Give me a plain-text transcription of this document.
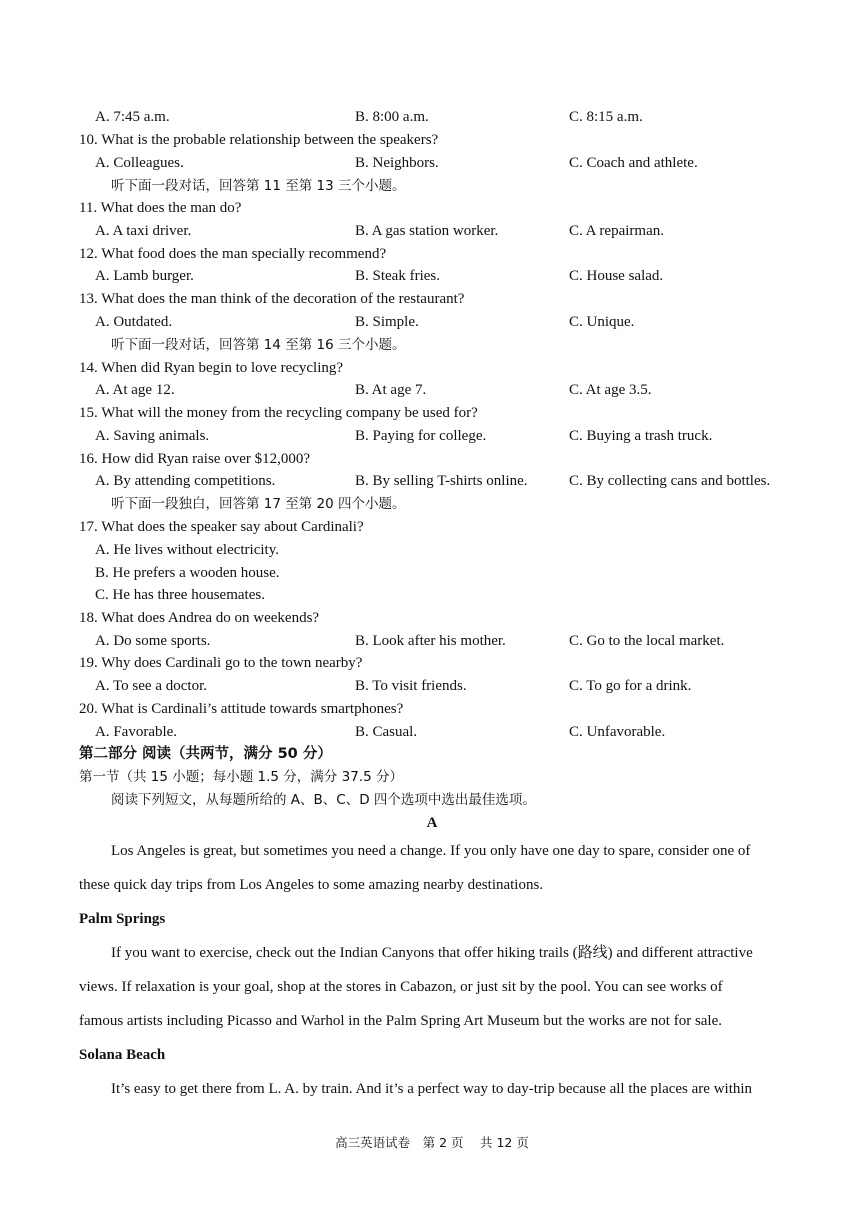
A. 7:45 a.m.	B. 8:00 a.m.	C. 8:15 a.m.
10. What is the probable relationship between the speakers?
A. Colleagues.	B. Neighbors.	C. Coach and athlete.
听下面一段对话，回答第 11 至第 13 三个小题。
11. What does the man do?
A. A taxi driver.	B. A gas station worker.	C. A repairman.
12. What food does the man specially recommend?
A. Lamb burger.	B. Steak fries.	C. House salad.
13. What does the man think of the decoration of the restaurant?
A. Outdated.	B. Simple.	C. Unique.
听下面一段对话，回答第 14 至第 16 三个小题。
14. When did Ryan begin to love recycling?
A. At age 12.	B. At age 7.	C. At age 3.5.
15. What will the money from the recycling company be used for?
A. Saving animals.	B. Paying for college.	C. Buying a trash truck.
16. How did Ryan raise over $12,000?
A. By attending competitions.	B. By selling T-shirts online.	C. By collecting cans and bottles.
听下面一段独白，回答第 17 至第 20 四个小题。
17. What does the speaker say about Cardinali?
A. He lives without electricity.
B. He prefers a wooden house.
C. He has three housemates.
18. What does Andrea do on weekends?
A. Do some sports.	B. Look after his mother.	C. Go to the local market.
19. Why does Cardinali go to the town nearby?
A. To see a doctor.	B. To visit friends.	C. To go for a drink.
20. What is Cardinali’s attitude towards smartphones?
A. Favorable.	B. Casual.	C. Unfavorable.
第二部分 阅读（共两节，满分 50 分）
第一节（共 15 小题；每小题 1.5 分，满分 37.5 分）
阅读下列短文，从每题所给的 A、B、C、D 四个选项中选出最佳选项。
A
Los Angeles is great, but sometimes you need a change. If you only have one day to spare, consider one of
these quick day trips from Los Angeles to some amazing nearby destinations.
Palm Springs
If you want to exercise, check out the Indian Canyons that offer hiking trails (路线) and different attractive
views. If relaxation is your goal, shop at the stores in Cabazon, or just sit by the pool. You can see works of
famous artists including Picasso and Warhol in the Palm Spring Art Museum but the works are not for sale.
Solana Beach
It’s easy to get there from L. A. by train. And it’s a perfect way to day-trip because all the places are within
高三英语试卷　第 2 页　 共 12 页
